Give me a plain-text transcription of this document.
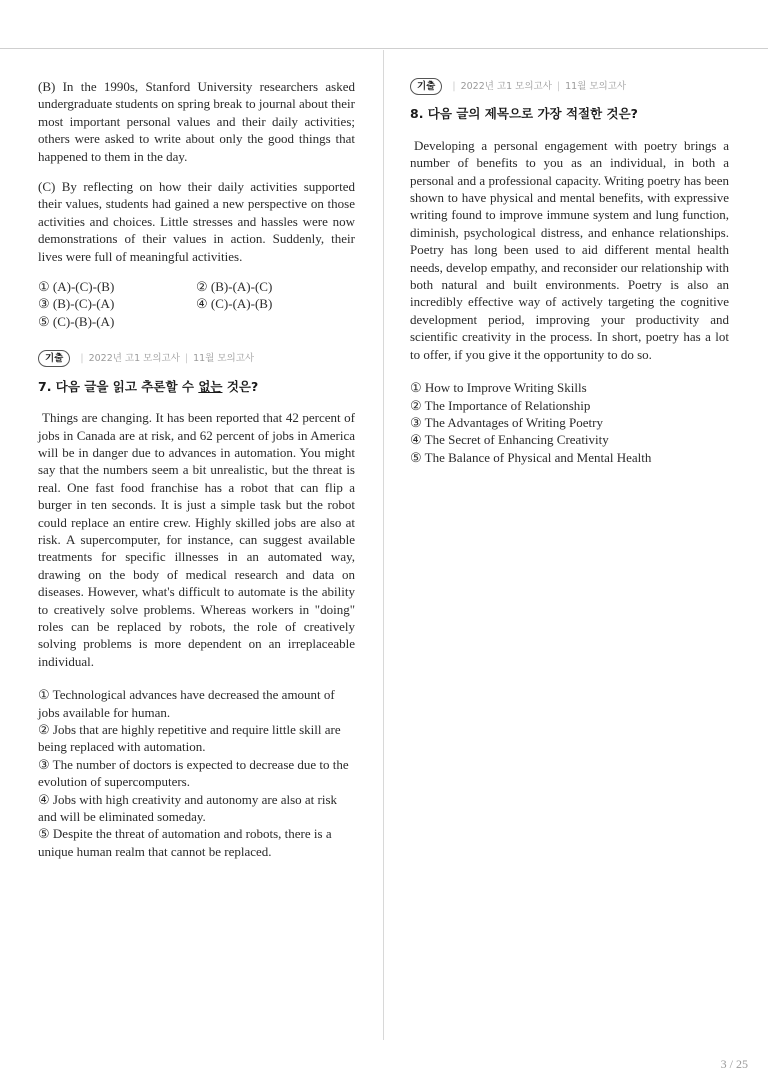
(B) In the 1990s, Stanford University researchers asked undergraduate students on spring break to journal about their most important personal values and their daily activities; others were asked to write about only the good things that happened to them in the day.

(C) By reflecting on how their daily activities supported their values, students had gained a new perspective on those activities and choices. Little stresses and hassles were now demonstrations of their values in action. Suddenly, their lives were full of meaningful activities.

① (A)-(C)-(B)	② (B)-(A)-(C)
③ (B)-(C)-(A)	④ (C)-(A)-(B)
⑤ (C)-(B)-(A)
기출	| 2022년 고1 모의고사 | 11월 모의고사
7. 다음 글을 읽고 추론할 수 없는 것은?

Things are changing. It has been reported that 42 percent of jobs in Canada are at risk, and 62 percent of jobs in America will be in danger due to advances in automation. You might say that the numbers seem a bit unrealistic, but the threat is real. One fast food franchise has a robot that can flip a burger in ten seconds. It is just a simple task but the robot could replace an entire crew. Highly skilled jobs are also at risk. A supercomputer, for instance, can suggest available treatments for specific illnesses in an automated way, drawing on the body of medical research and data on diseases. However, what's difficult to automate is the ability to creatively solve problems. Whereas workers in "doing" roles can be replaced by robots, the role of creatively solving problems is more dependent on an irreplaceable individual.

① Technological advances have decreased the amount of jobs available for human.

② Jobs that are highly repetitive and require little skill are being replaced with automation.

③ The number of doctors is expected to decrease due to the evolution of supercomputers.

④ Jobs with high creativity and autonomy are also at risk and will be eliminated someday.

⑤ Despite the threat of automation and robots, there is a unique human realm that cannot be replaced.

기출	| 2022년 고1 모의고사 | 11월 모의고사
8. 다음 글의 제목으로 가장 적절한 것은?

Developing a personal engagement with poetry brings a number of benefits to you as an individual, in both a personal and a professional capacity. Writing poetry has been shown to have physical and mental benefits, with expressive writing found to improve immune system and lung function, diminish, psychological distress, and enhance relationships. Poetry has long been used to aid different mental health needs, develop empathy, and reconsider our relationship with both natural and built environments. Poetry is also an incredibly effective way of actively targeting the cognitive development period, improving your productivity and scientific creativity in the process. In short, poetry has a lot to offer, if you give it the opportunity to do so.

① How to Improve Writing Skills

② The Importance of Relationship

③ The Advantages of Writing Poetry

④ The Secret of Enhancing Creativity

⑤ The Balance of Physical and Mental Health

3 / 25
